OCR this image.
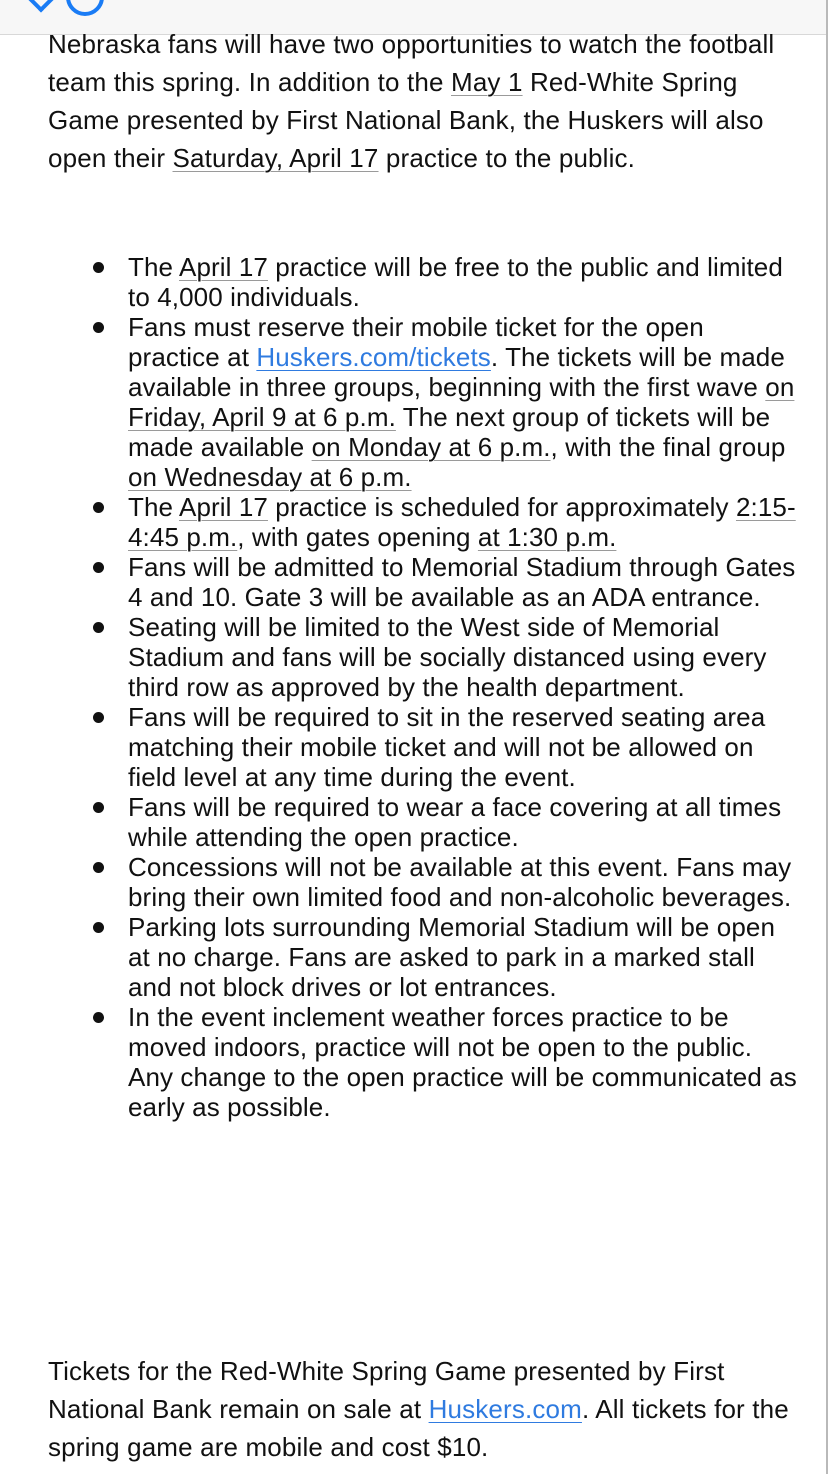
Nebraska fans will have two opportunities to watch the football team this spring. In addition to the May 1 Red-White Spring Game presented by First National Bank, the Huskers will also open their Saturday, April 17 practice to the public.

The April 17 practice will be free to the public and limited to 4,000 individuals.
Fans must reserve their mobile ticket for the open practice at Huskers.com/tickets. The tickets will be made available in three groups, beginning with the first wave on Friday, April 9 at 6 p.m. The next group of tickets will be made available on Monday at 6 p.m., with the final group on Wednesday at 6 p.m.
The April 17 practice is scheduled for approximately 2:15-4:45 p.m., with gates opening at 1:30 p.m.
Fans will be admitted to Memorial Stadium through Gates 4 and 10. Gate 3 will be available as an ADA entrance.
Seating will be limited to the West side of Memorial Stadium and fans will be socially distanced using every third row as approved by the health department.
Fans will be required to sit in the reserved seating area matching their mobile ticket and will not be allowed on field level at any time during the event.
Fans will be required to wear a face covering at all times while attending the open practice.
Concessions will not be available at this event. Fans may bring their own limited food and non-alcoholic beverages.
Parking lots surrounding Memorial Stadium will be open at no charge. Fans are asked to park in a marked stall and not block drives or lot entrances.
In the event inclement weather forces practice to be moved indoors, practice will not be open to the public. Any change to the open practice will be communicated as early as possible.

Tickets for the Red-White Spring Game presented by First National Bank remain on sale at Huskers.com. All tickets for the spring game are mobile and cost $10.
